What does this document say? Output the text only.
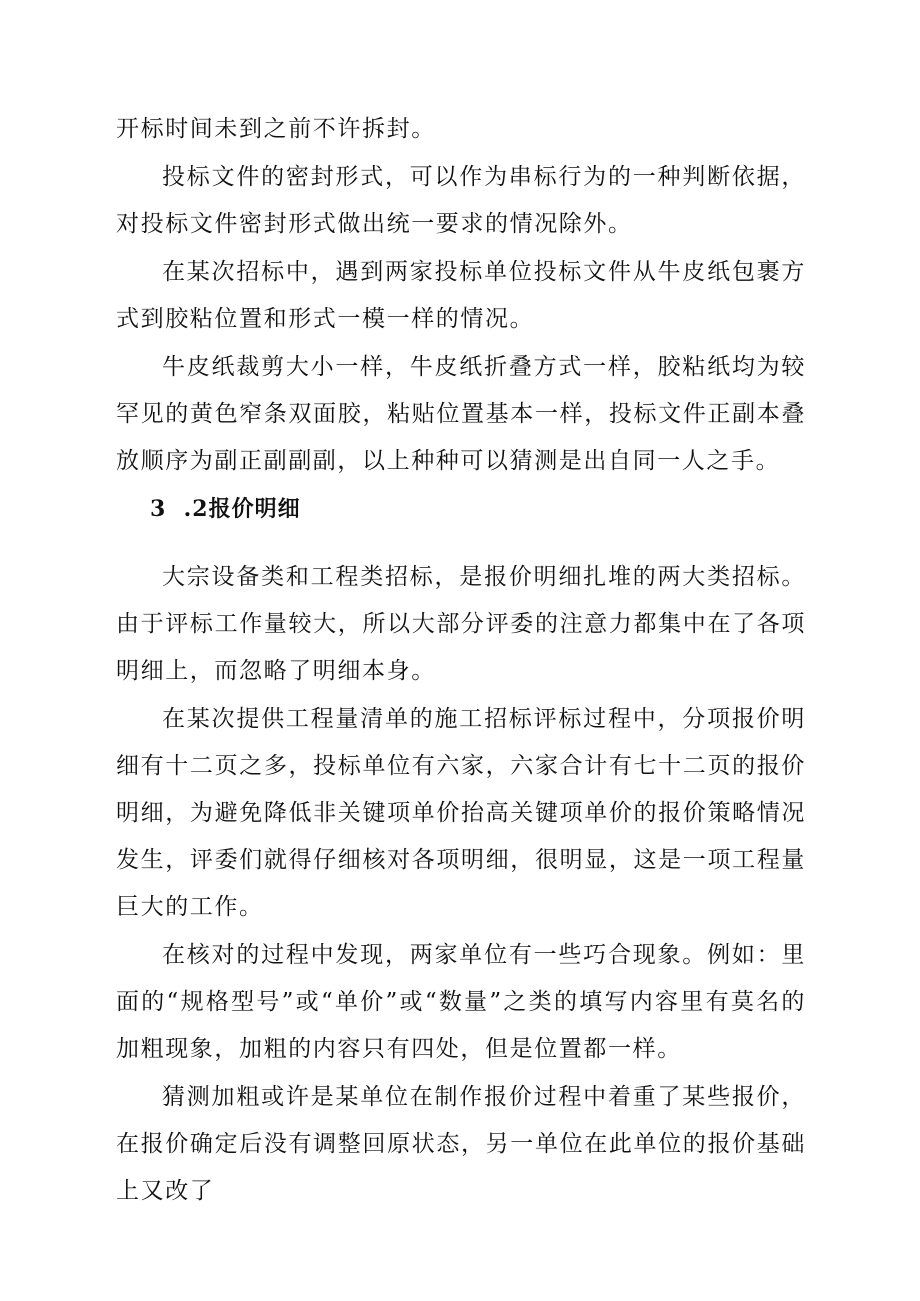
开标时间未到之前不许拆封。

投标文件的密封形式，可以作为串标行为的一种判断依据，对投标文件密封形式做出统一要求的情况除外。

在某次招标中，遇到两家投标单位投标文件从牛皮纸包裹方式到胶粘位置和形式一模一样的情况。

牛皮纸裁剪大小一样，牛皮纸折叠方式一样，胶粘纸均为较罕见的黄色窄条双面胶，粘贴位置基本一样，投标文件正副本叠放顺序为副正副副副，以上种种可以猜测是出自同一人之手。

3  .2报价明细

大宗设备类和工程类招标，是报价明细扎堆的两大类招标。由于评标工作量较大，所以大部分评委的注意力都集中在了各项明细上，而忽略了明细本身。

在某次提供工程量清单的施工招标评标过程中，分项报价明细有十二页之多，投标单位有六家，六家合计有七十二页的报价明细，为避免降低非关键项单价抬高关键项单价的报价策略情况发生，评委们就得仔细核对各项明细，很明显，这是一项工程量巨大的工作。

在核对的过程中发现，两家单位有一些巧合现象。例如：里面的“规格型号”或“单价”或“数量”之类的填写内容里有莫名的加粗现象，加粗的内容只有四处，但是位置都一样。

猜测加粗或许是某单位在制作报价过程中着重了某些报价，在报价确定后没有调整回原状态，另一单位在此单位的报价基础上又改了
